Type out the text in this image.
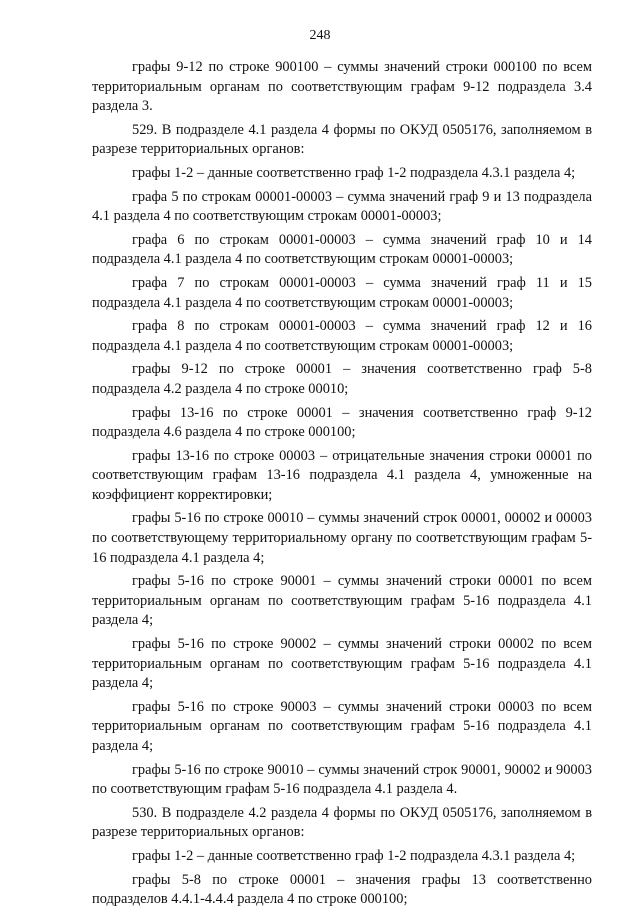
248

графы 9-12 по строке 900100 – суммы значений строки 000100 по всем территориальным органам по соответствующим графам 9-12 подраздела 3.4 раздела 3.

529. В подразделе 4.1 раздела 4 формы по ОКУД 0505176, заполняемом в разрезе территориальных органов:

графы 1-2 – данные соответственно граф 1-2 подраздела 4.3.1 раздела 4;

графа 5 по строкам 00001-00003 – сумма значений граф 9 и 13 подраздела 4.1 раздела 4 по соответствующим строкам 00001-00003;

графа 6 по строкам 00001-00003 – сумма значений граф 10 и 14 подраздела 4.1 раздела 4 по соответствующим строкам 00001-00003;

графа 7 по строкам 00001-00003 – сумма значений граф 11 и 15 подраздела 4.1 раздела 4 по соответствующим строкам 00001-00003;

графа 8 по строкам 00001-00003 – сумма значений граф 12 и 16 подраздела 4.1 раздела 4 по соответствующим строкам 00001-00003;

графы 9-12 по строке 00001 – значения соответственно граф 5-8 подраздела 4.2 раздела 4 по строке 00010;

графы 13-16 по строке 00001 – значения соответственно граф 9-12 подраздела 4.6 раздела 4 по строке 000100;

графы 13-16 по строке 00003 – отрицательные значения строки 00001 по соответствующим графам 13-16 подраздела 4.1 раздела 4, умноженные на коэффициент корректировки;

графы 5-16 по строке 00010 – суммы значений строк 00001, 00002 и 00003 по соответствующему территориальному органу по соответствующим графам 5-16 подраздела 4.1 раздела 4;

графы 5-16 по строке 90001 – суммы значений строки 00001 по всем территориальным органам по соответствующим графам 5-16 подраздела 4.1 раздела 4;

графы 5-16 по строке 90002 – суммы значений строки 00002 по всем территориальным органам по соответствующим графам 5-16 подраздела 4.1 раздела 4;

графы 5-16 по строке 90003 – суммы значений строки 00003 по всем территориальным органам по соответствующим графам 5-16 подраздела 4.1 раздела 4;

графы 5-16 по строке 90010 – суммы значений строк 90001, 90002 и 90003 по соответствующим графам 5-16 подраздела 4.1 раздела 4.

530. В подразделе 4.2 раздела 4 формы по ОКУД 0505176, заполняемом в разрезе территориальных органов:

графы 1-2 – данные соответственно граф 1-2 подраздела 4.3.1 раздела 4;

графы 5-8 по строке 00001 – значения графы 13 соответственно подразделов 4.4.1-4.4.4 раздела 4 по строке 000100;
